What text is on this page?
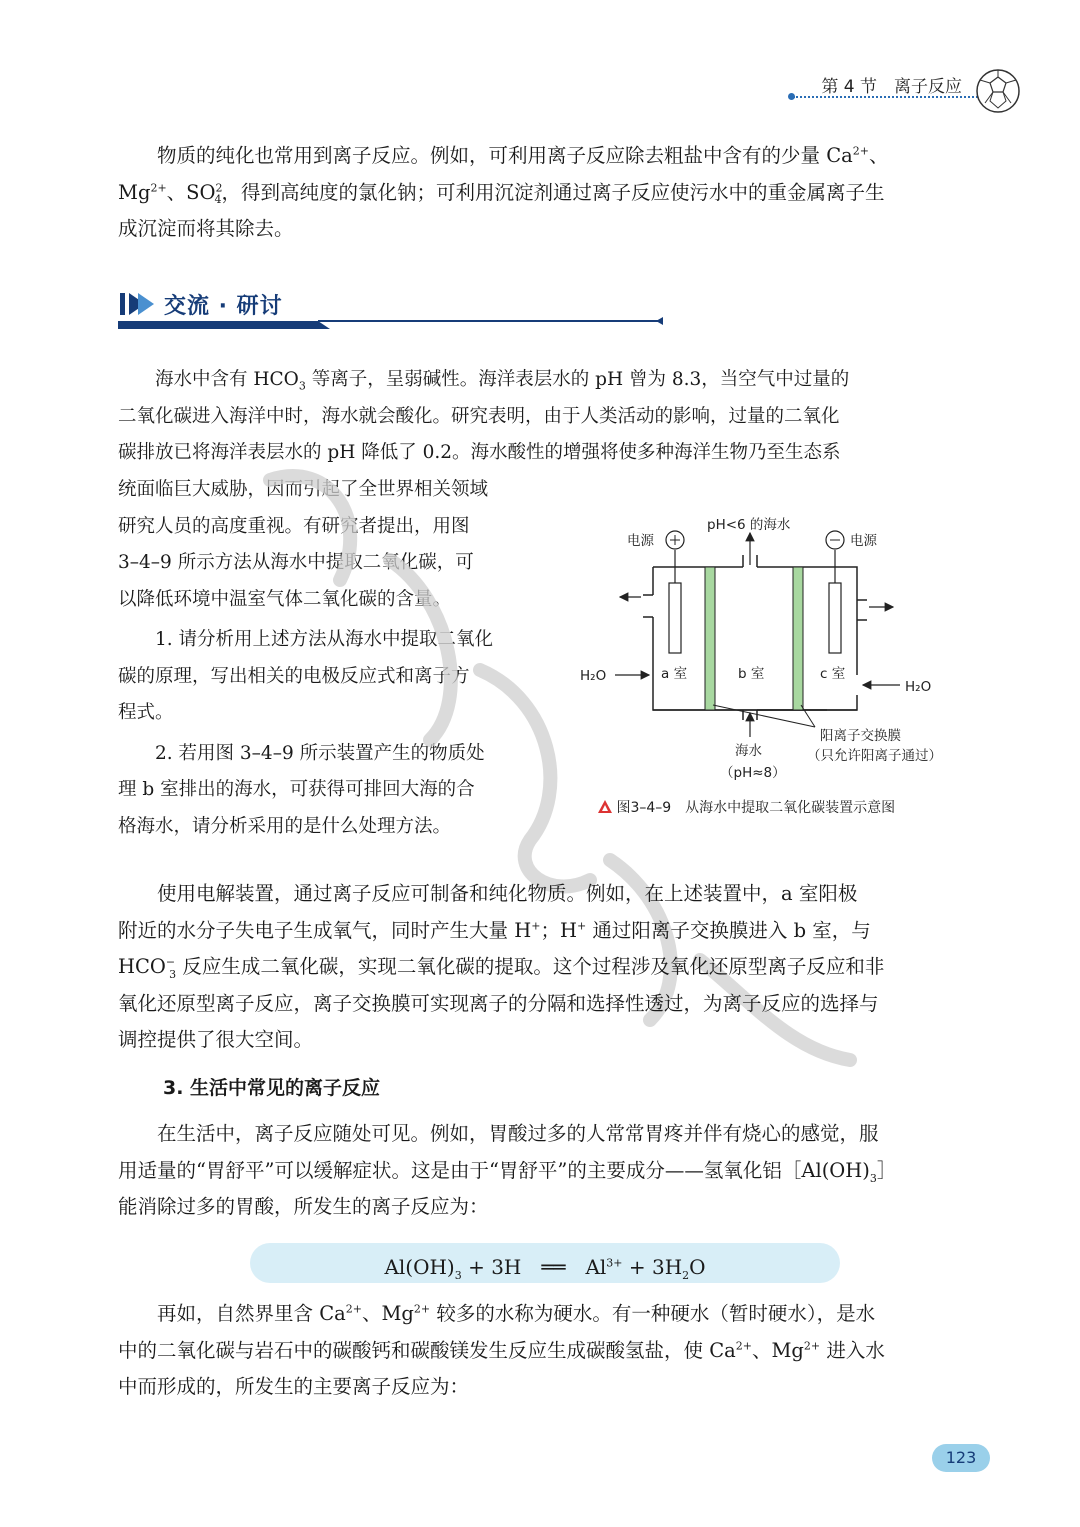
第 4 节　离子反应
物质的纯化也常用到离子反应。例如，可利用离子反应除去粗盐中含有的少量 $Ca^{2+}$、
$Mg^{2+}$、$SO^2_4$，得到高纯度的氯化钠；可利用沉淀剂通过离子反应使污水中的重金属离子生
成沉淀而将其除去。
交流 · 研讨
海水中含有 $HCO_3$ 等离子，呈弱碱性。海洋表层水的 pH 曾为 8.3，当空气中过量的
二氧化碳进入海洋中时，海水就会酸化。研究表明，由于人类活动的影响，过量的二氧化
碳排放已将海洋表层水的 pH 降低了 0.2。海水酸性的增强将使多种海洋生物乃至生态系
统面临巨大威胁，因而引起了全世界相关领域
研究人员的高度重视。有研究者提出，用图
3–4–9 所示方法从海水中提取二氧化碳，可
以降低环境中温室气体二氧化碳的含量。
1. 请分析用上述方法从海水中提取二氧化
碳的原理，写出相关的电极反应式和离子方
程式。
2. 若用图 3–4–9 所示装置产生的物质处
理 b 室排出的海水，可获得可排回大海的合
格海水，请分析采用的是什么处理方法。
电源	电源
pH<6 的海水
a 室	b 室	c 室
H₂O
H₂O
阳离子交换膜
（只允许阳离子通过）
海水
（pH≈8）
图3–4–9　从海水中提取二氧化碳装置示意图
使用电解装置，通过离子反应可制备和纯化物质。例如，在上述装置中，a 室阳极
附近的水分子失电子生成氧气，同时产生大量 H+；H+ 通过阳离子交换膜进入 b 室，与
$HCO^-_3$ 反应生成二氧化碳，实现二氧化碳的提取。这个过程涉及氧化还原型离子反应和非
氧化还原型离子反应，离子交换膜可实现离子的分隔和选择性透过，为离子反应的选择与
调控提供了很大空间。
3. 生活中常见的离子反应
在生活中，离子反应随处可见。例如，胃酸过多的人常常胃疼并伴有烧心的感觉，服
用适量的“胃舒平”可以缓解症状。这是由于“胃舒平”的主要成分——氢氧化铝$[Al(OH)_3]$
能消除过多的胃酸，所发生的离子反应为：
$Al(OH)_3 + 3H$　══　$Al^{3+} + 3H_2O$
再如，自然界里含 $Ca^{2+}$、$Mg^{2+}$ 较多的水称为硬水。有一种硬水（暂时硬水），是水
中的二氧化碳与岩石中的碳酸钙和碳酸镁发生反应生成碳酸氢盐，使 $Ca^{2+}$、$Mg^{2+}$ 进入水
中而形成的，所发生的主要离子反应为：
123
